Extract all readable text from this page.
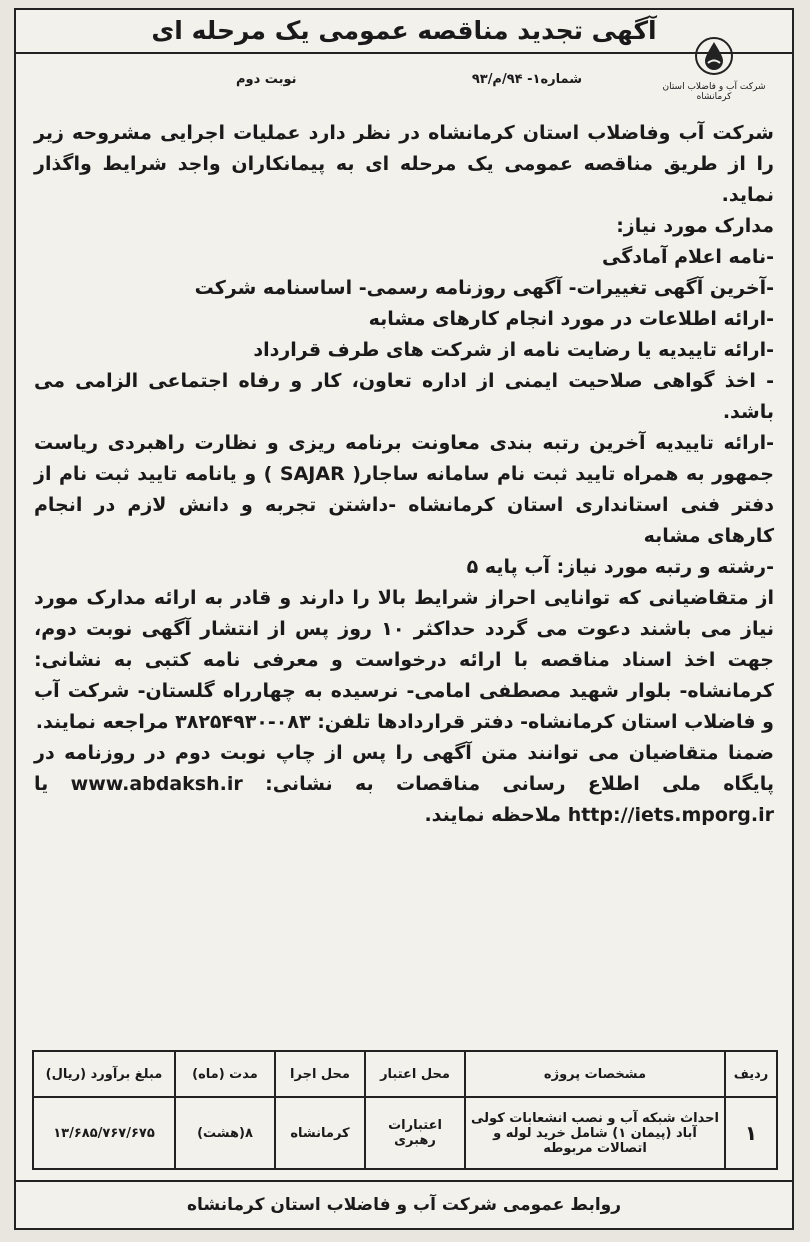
آگهی تجدید مناقصه عمومی یک مرحله ای
شرکت آب و فاضلاب استان کرمانشاه
شماره۱- ۹۴/م/۹۳
نوبت دوم

شرکت آب وفاضلاب استان کرمانشاه در نظر دارد عملیات اجرایی مشروحه زیر را از طریق مناقصه عمومی یک مرحله ای به پیمانکاران واجد شرایط واگذار نماید.

مدارک مورد نیاز:

-نامه اعلام آمادگی

-آخرین آگهی تغییرات- آگهی روزنامه رسمی- اساسنامه شرکت

-ارائه اطلاعات در مورد انجام کارهای مشابه

-ارائه تاییدیه یا رضایت نامه از شرکت های طرف قرارداد

- اخذ گواهی صلاحیت ایمنی از اداره تعاون، کار و رفاه اجتماعی الزامی می باشد.

-ارائه تاییدیه آخرین رتبه بندی معاونت برنامه ریزی و نظارت راهبردی ریاست جمهور به همراه تایید ثبت نام سامانه ساجار( SAJAR ) و یانامه تایید ثبت نام از دفتر فنی استانداری استان کرمانشاه -داشتن تجربه و دانش لازم در انجام کارهای مشابه

-رشته و رتبه مورد نیاز: آب پایه ۵

از متقاضیانی که توانایی احراز شرایط بالا را دارند و قادر به ارائه مدارک مورد نیاز می باشند دعوت می گردد حداکثر ۱۰ روز پس از انتشار آگهی نوبت دوم، جهت اخذ اسناد مناقصه با ارائه درخواست و معرفی نامه کتبی به نشانی: کرمانشاه- بلوار شهید مصطفی امامی- نرسیده به چهارراه گلستان- شرکت آب و فاضلاب استان کرمانشاه- دفتر قراردادها تلفن: ۰۸۳-۳۸۲۵۴۹۳۰ مراجعه نمایند.

ضمنا متقاضیان می توانند متن آگهی را پس از چاپ نوبت دوم در روزنامه در پایگاه ملی اطلاع رسانی مناقصات به نشانی: www.abdaksh.ir یا http://iets.mporg.ir ملاحظه نمایند.

ردیف	مشخصات پروژه	محل اعتبار	محل اجرا	مدت (ماه)	مبلغ برآورد (ریال)
۱	احداث شبکه آب و نصب انشعابات کولی آباد (پیمان ۱) شامل خرید لوله و اتصالات مربوطه	اعتبارات رهبری	کرمانشاه	۸(هشت)	۱۳/۶۸۵/۷۶۷/۶۷۵
روابط عمومی شرکت آب و فاضلاب استان کرمانشاه
